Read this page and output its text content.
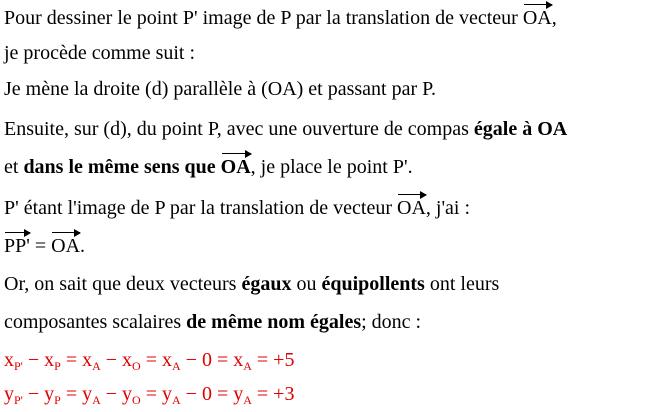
Pour dessiner le point P' image de P par la translation de vecteur OA,
je procède comme suit :
Je mène la droite (d) parallèle à (OA) et passant par P.
Ensuite, sur (d), du point P, avec une ouverture de compas égale à OA
et dans le même sens que OA, je place le point P'.
P' étant l'image de P par la translation de vecteur OA, j'ai :
PP' = OA.
Or, on sait que deux vecteurs égaux ou équipollents ont leurs
composantes scalaires de même nom égales; donc :
$x_{P'} - x_P = x_A - x_O = x_A - 0 = x_A = +5$
$y_{P'} - y_P = y_A - y_O = y_A - 0 = y_A = +3$
